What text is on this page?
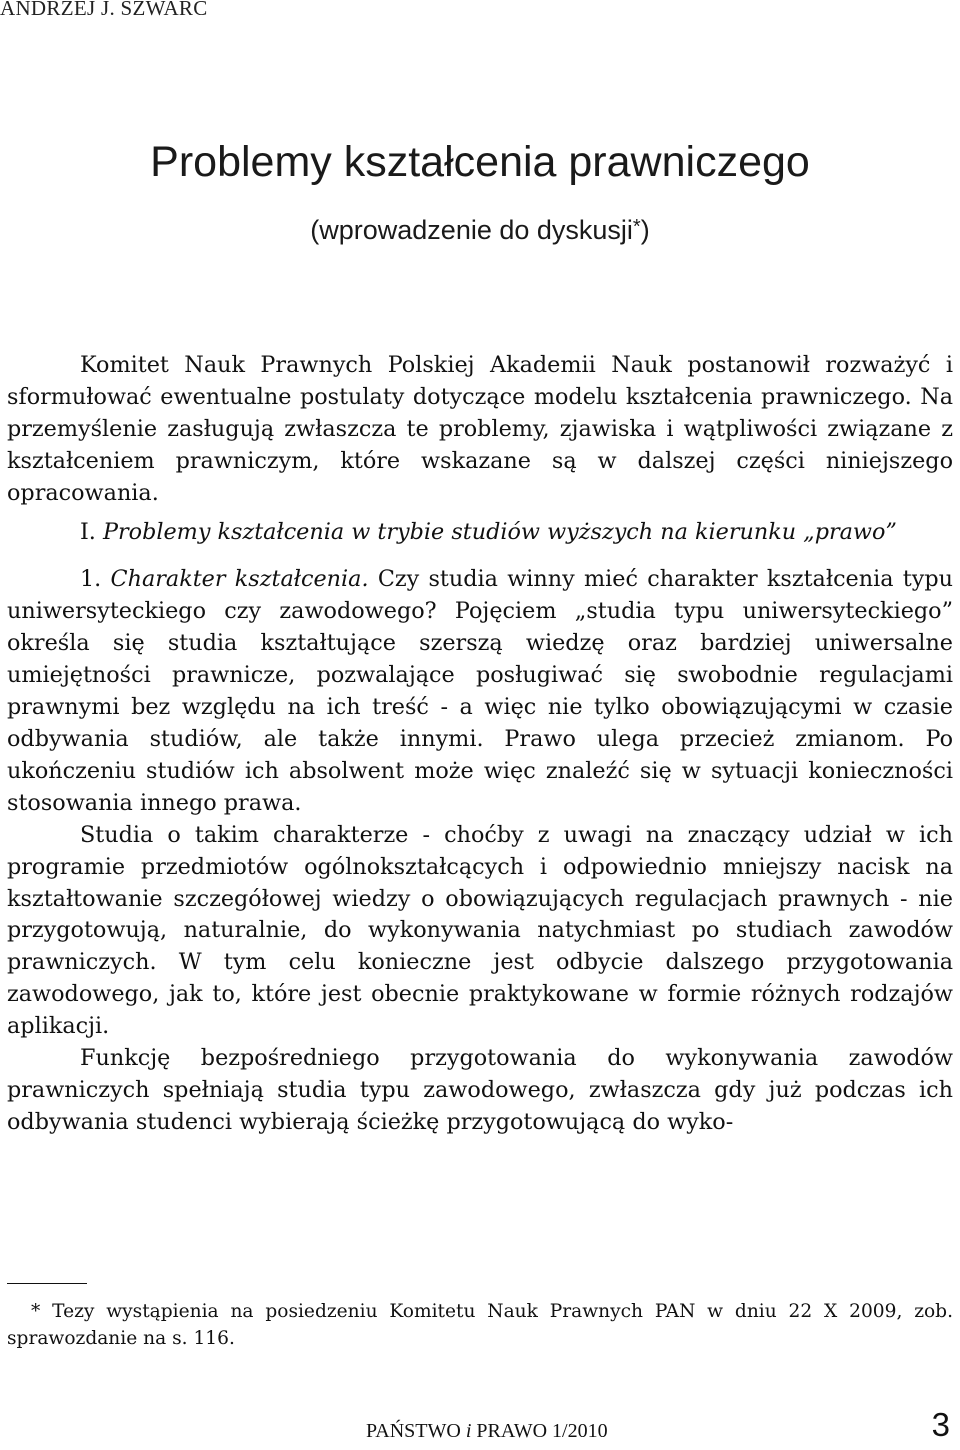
ANDRZEJ J. SZWARC
Problemy kształcenia prawniczego
(wprowadzenie do dyskusji*)

Komitet Nauk Prawnych Polskiej Akademii Nauk postanowił rozważyć i sformułować ewentualne postulaty dotyczące modelu kształcenia prawniczego. Na przemyślenie zasługują zwłaszcza te problemy, zjawiska i wątpliwości związane z kształceniem prawniczym, które wskazane są w dalszej części niniejszego opracowania.

I. Problemy kształcenia w trybie studiów wyższych na kierunku „prawo”

1. Charakter kształcenia. Czy studia winny mieć charakter kształcenia typu uniwersyteckiego czy zawodowego? Pojęciem „studia typu uniwersyteckiego” określa się studia kształtujące szerszą wiedzę oraz bardziej uniwersalne umiejętności prawnicze, pozwalające posługiwać się swobodnie regulacjami prawnymi bez względu na ich treść - a więc nie tylko obowiązującymi w czasie odbywania studiów, ale także innymi. Prawo ulega przecież zmianom. Po ukończeniu studiów ich absolwent może więc znaleźć się w sytuacji konieczności stosowania innego prawa.

Studia o takim charakterze - choćby z uwagi na znaczący udział w ich programie przedmiotów ogólnokształcących i odpowiednio mniejszy nacisk na kształtowanie szczegółowej wiedzy o obowiązujących regulacjach prawnych - nie przygotowują, naturalnie, do wykonywania natychmiast po studiach zawodów prawniczych. W tym celu konieczne jest odbycie dalszego przygotowania zawodowego, jak to, które jest obecnie praktykowane w formie różnych rodzajów aplikacji.

Funkcję bezpośredniego przygotowania do wykonywania zawodów prawniczych spełniają studia typu zawodowego, zwłaszcza gdy już podczas ich odbywania studenci wybierają ścieżkę przygotowującą do wyko-

* Tezy wystąpienia na posiedzeniu Komitetu Nauk Prawnych PAN w dniu 22 X 2009, zob. sprawozdanie na s. 116.
PAŃSTWO i PRAWO 1/2010	3
